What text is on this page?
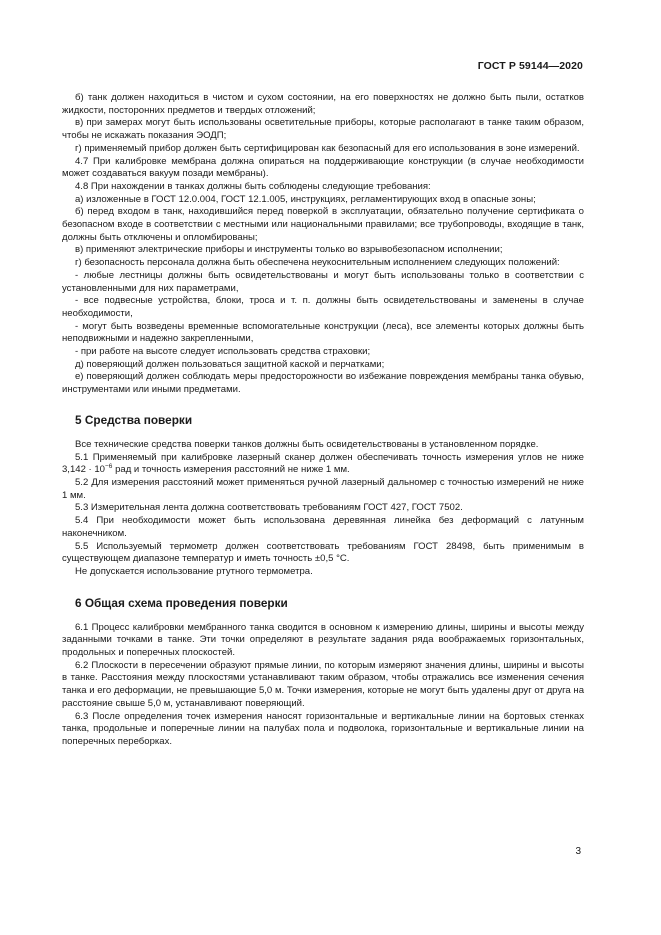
ГОСТ Р 59144—2020

б) танк должен находиться в чистом и сухом состоянии, на его поверхностях не должно быть пыли, остатков жидкости, посторонних предметов и твердых отложений;

в) при замерах могут быть использованы осветительные приборы, которые располагают в танке таким образом, чтобы не искажать показания ЭОДП;

г) применяемый прибор должен быть сертифицирован как безопасный для его использования в зоне измерений.

4.7 При калибровке мембрана должна опираться на поддерживающие конструкции (в случае необходимости может создаваться вакуум позади мембраны).

4.8 При нахождении в танках должны быть соблюдены следующие требования:

а) изложенные в ГОСТ 12.0.004, ГОСТ 12.1.005, инструкциях, регламентирующих вход в опасные зоны;

б) перед входом в танк, находившийся перед поверкой в эксплуатации, обязательно получение сертификата о безопасном входе в соответствии с местными или национальными правилами; все трубопроводы, входящие в танк, должны быть отключены и опломбированы;

в) применяют электрические приборы и инструменты только во взрывобезопасном исполнении;

г) безопасность персонала должна быть обеспечена неукоснительным исполнением следующих положений:

- любые лестницы должны быть освидетельствованы и могут быть использованы только в соответствии с установленными для них параметрами,

- все подвесные устройства, блоки, троса и т. п. должны быть освидетельствованы и заменены в случае необходимости,

- могут быть возведены временные вспомогательные конструкции (леса), все элементы которых должны быть неподвижными и надежно закрепленными,

- при работе на высоте следует использовать средства страховки;

д) поверяющий должен пользоваться защитной каской и перчатками;

е) поверяющий должен соблюдать меры предосторожности во избежание повреждения мембраны танка обувью, инструментами или иными предметами.

5 Средства поверки

Все технические средства поверки танков должны быть освидетельствованы в установленном порядке.

5.1 Применяемый при калибровке лазерный сканер должен обеспечивать точность измерения углов не ниже $3,142 \cdot 10^{-6}$ рад и точность измерения расстояний не ниже 1 мм.

5.2 Для измерения расстояний может применяться ручной лазерный дальномер с точностью измерений не ниже 1 мм.

5.3 Измерительная лента должна соответствовать требованиям ГОСТ 427, ГОСТ 7502.

5.4 При необходимости может быть использована деревянная линейка без деформаций с латунным наконечником.

5.5 Используемый термометр должен соответствовать требованиям ГОСТ 28498, быть применимым в существующем диапазоне температур и иметь точность ±0,5 °С.

Не допускается использование ртутного термометра.

6 Общая схема проведения поверки

6.1 Процесс калибровки мембранного танка сводится в основном к измерению длины, ширины и высоты между заданными точками в танке. Эти точки определяют в результате задания ряда воображаемых горизонтальных, продольных и поперечных плоскостей.

6.2 Плоскости в пересечении образуют прямые линии, по которым измеряют значения длины, ширины и высоты в танке. Расстояния между плоскостями устанавливают таким образом, чтобы отражались все изменения сечения танка и его деформации, не превышающие 5,0 м. Точки измерения, которые не могут быть удалены друг от друга на расстояние свыше 5,0 м, устанавливают поверяющий.

6.3 После определения точек измерения наносят горизонтальные и вертикальные линии на бортовых стенках танка, продольные и поперечные линии на палубах пола и подволока, горизонтальные и вертикальные линии на поперечных переборках.

3
